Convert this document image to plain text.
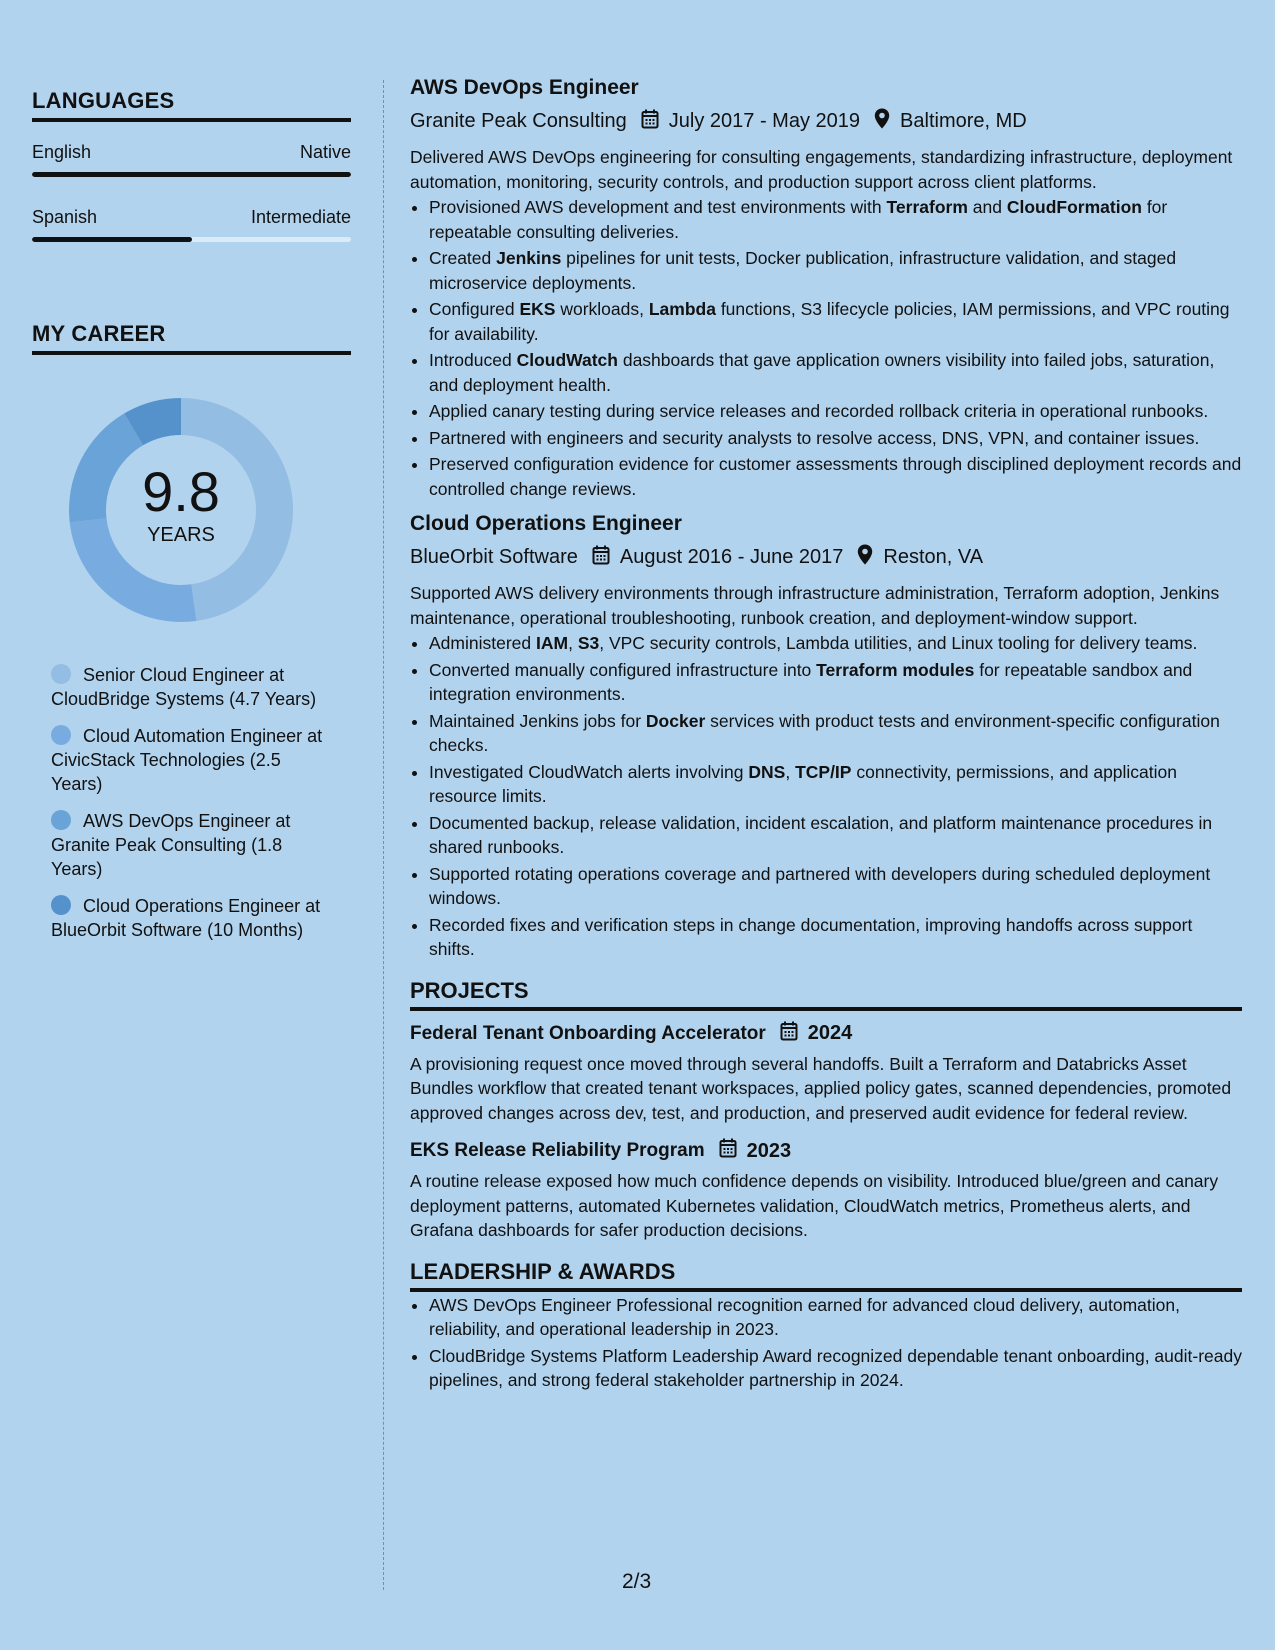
LANGUAGES
English	Native
Spanish	Intermediate
MY CAREER
9.8
YEARS
Senior Cloud Engineer at CloudBridge Systems (4.7 Years)
Cloud Automation Engineer at CivicStack Technologies (2.5 Years)
AWS DevOps Engineer at Granite Peak Consulting (1.8 Years)
Cloud Operations Engineer at BlueOrbit Software (10 Months)
AWS DevOps Engineer
Granite Peak Consulting July 2017 - May 2019 Baltimore, MD
Delivered AWS DevOps engineering for consulting engagements, standardizing infrastructure, deployment automation, monitoring, security controls, and production support across client platforms.
• Provisioned AWS development and test environments with Terraform and CloudFormation for repeatable consulting deliveries.
• Created Jenkins pipelines for unit tests, Docker publication, infrastructure validation, and staged microservice deployments.
• Configured EKS workloads, Lambda functions, S3 lifecycle policies, IAM permissions, and VPC routing for availability.
• Introduced CloudWatch dashboards that gave application owners visibility into failed jobs, saturation, and deployment health.
• Applied canary testing during service releases and recorded rollback criteria in operational runbooks.
• Partnered with engineers and security analysts to resolve access, DNS, VPN, and container issues.
• Preserved configuration evidence for customer assessments through disciplined deployment records and controlled change reviews.
Cloud Operations Engineer
BlueOrbit Software August 2016 - June 2017 Reston, VA
Supported AWS delivery environments through infrastructure administration, Terraform adoption, Jenkins maintenance, operational troubleshooting, runbook creation, and deployment-window support.
• Administered IAM, S3, VPC security controls, Lambda utilities, and Linux tooling for delivery teams.
• Converted manually configured infrastructure into Terraform modules for repeatable sandbox and integration environments.
• Maintained Jenkins jobs for Docker services with product tests and environment-specific configuration checks.
• Investigated CloudWatch alerts involving DNS, TCP/IP connectivity, permissions, and application resource limits.
• Documented backup, release validation, incident escalation, and platform maintenance procedures in shared runbooks.
• Supported rotating operations coverage and partnered with developers during scheduled deployment windows.
• Recorded fixes and verification steps in change documentation, improving handoffs across support shifts.
PROJECTS
Federal Tenant Onboarding Accelerator 2024
A provisioning request once moved through several handoffs. Built a Terraform and Databricks Asset Bundles workflow that created tenant workspaces, applied policy gates, scanned dependencies, promoted approved changes across dev, test, and production, and preserved audit evidence for federal review.
EKS Release Reliability Program 2023
A routine release exposed how much confidence depends on visibility. Introduced blue/green and canary deployment patterns, automated Kubernetes validation, CloudWatch metrics, Prometheus alerts, and Grafana dashboards for safer production decisions.
LEADERSHIP & AWARDS
• AWS DevOps Engineer Professional recognition earned for advanced cloud delivery, automation, reliability, and operational leadership in 2023.
• CloudBridge Systems Platform Leadership Award recognized dependable tenant onboarding, audit-ready pipelines, and strong federal stakeholder partnership in 2024.
2/3
